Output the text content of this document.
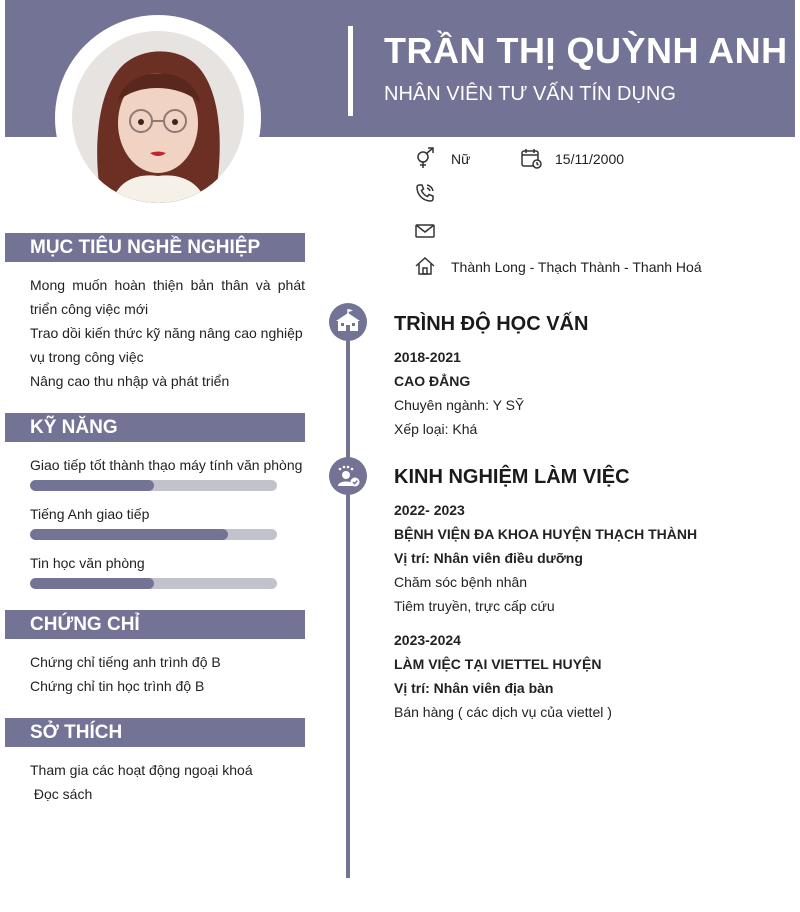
TRẦN THỊ QUỲNH ANH
NHÂN VIÊN TƯ VẤN TÍN DỤNG
Nữ	15/11/2000
Thành Long - Thạch Thành - Thanh Hoá
MỤC TIÊU NGHỀ NGHIỆP
Mong muốn hoàn thiện bản thân và phát
triển công việc mới
Trao dồi kiến thức kỹ năng nâng cao nghiệp
vụ trong công việc
Nâng cao thu nhập và phát triển
KỸ NĂNG
Giao tiếp tốt thành thạo máy tính văn phòng
Tiếng Anh giao tiếp
Tin học văn phòng
CHỨNG CHỈ
Chứng chỉ tiếng anh trình độ B
Chứng chỉ tin học trình độ B
SỞ THÍCH
Tham gia các hoạt động ngoại khoá
Đọc sách
TRÌNH ĐỘ HỌC VẤN
2018-2021
CAO ĐẲNG
Chuyên ngành: Y SỸ
Xếp loại: Khá
KINH NGHIỆM LÀM VIỆC
2022- 2023
BỆNH VIỆN ĐA KHOA HUYỆN THẠCH THÀNH
Vị trí: Nhân viên điều dưỡng
Chăm sóc bệnh nhân
Tiêm truyền, trực cấp cứu
2023-2024
LÀM VIỆC TẠI VIETTEL HUYỆN
Vị trí: Nhân viên địa bàn
Bán hàng ( các dịch vụ của viettel )
